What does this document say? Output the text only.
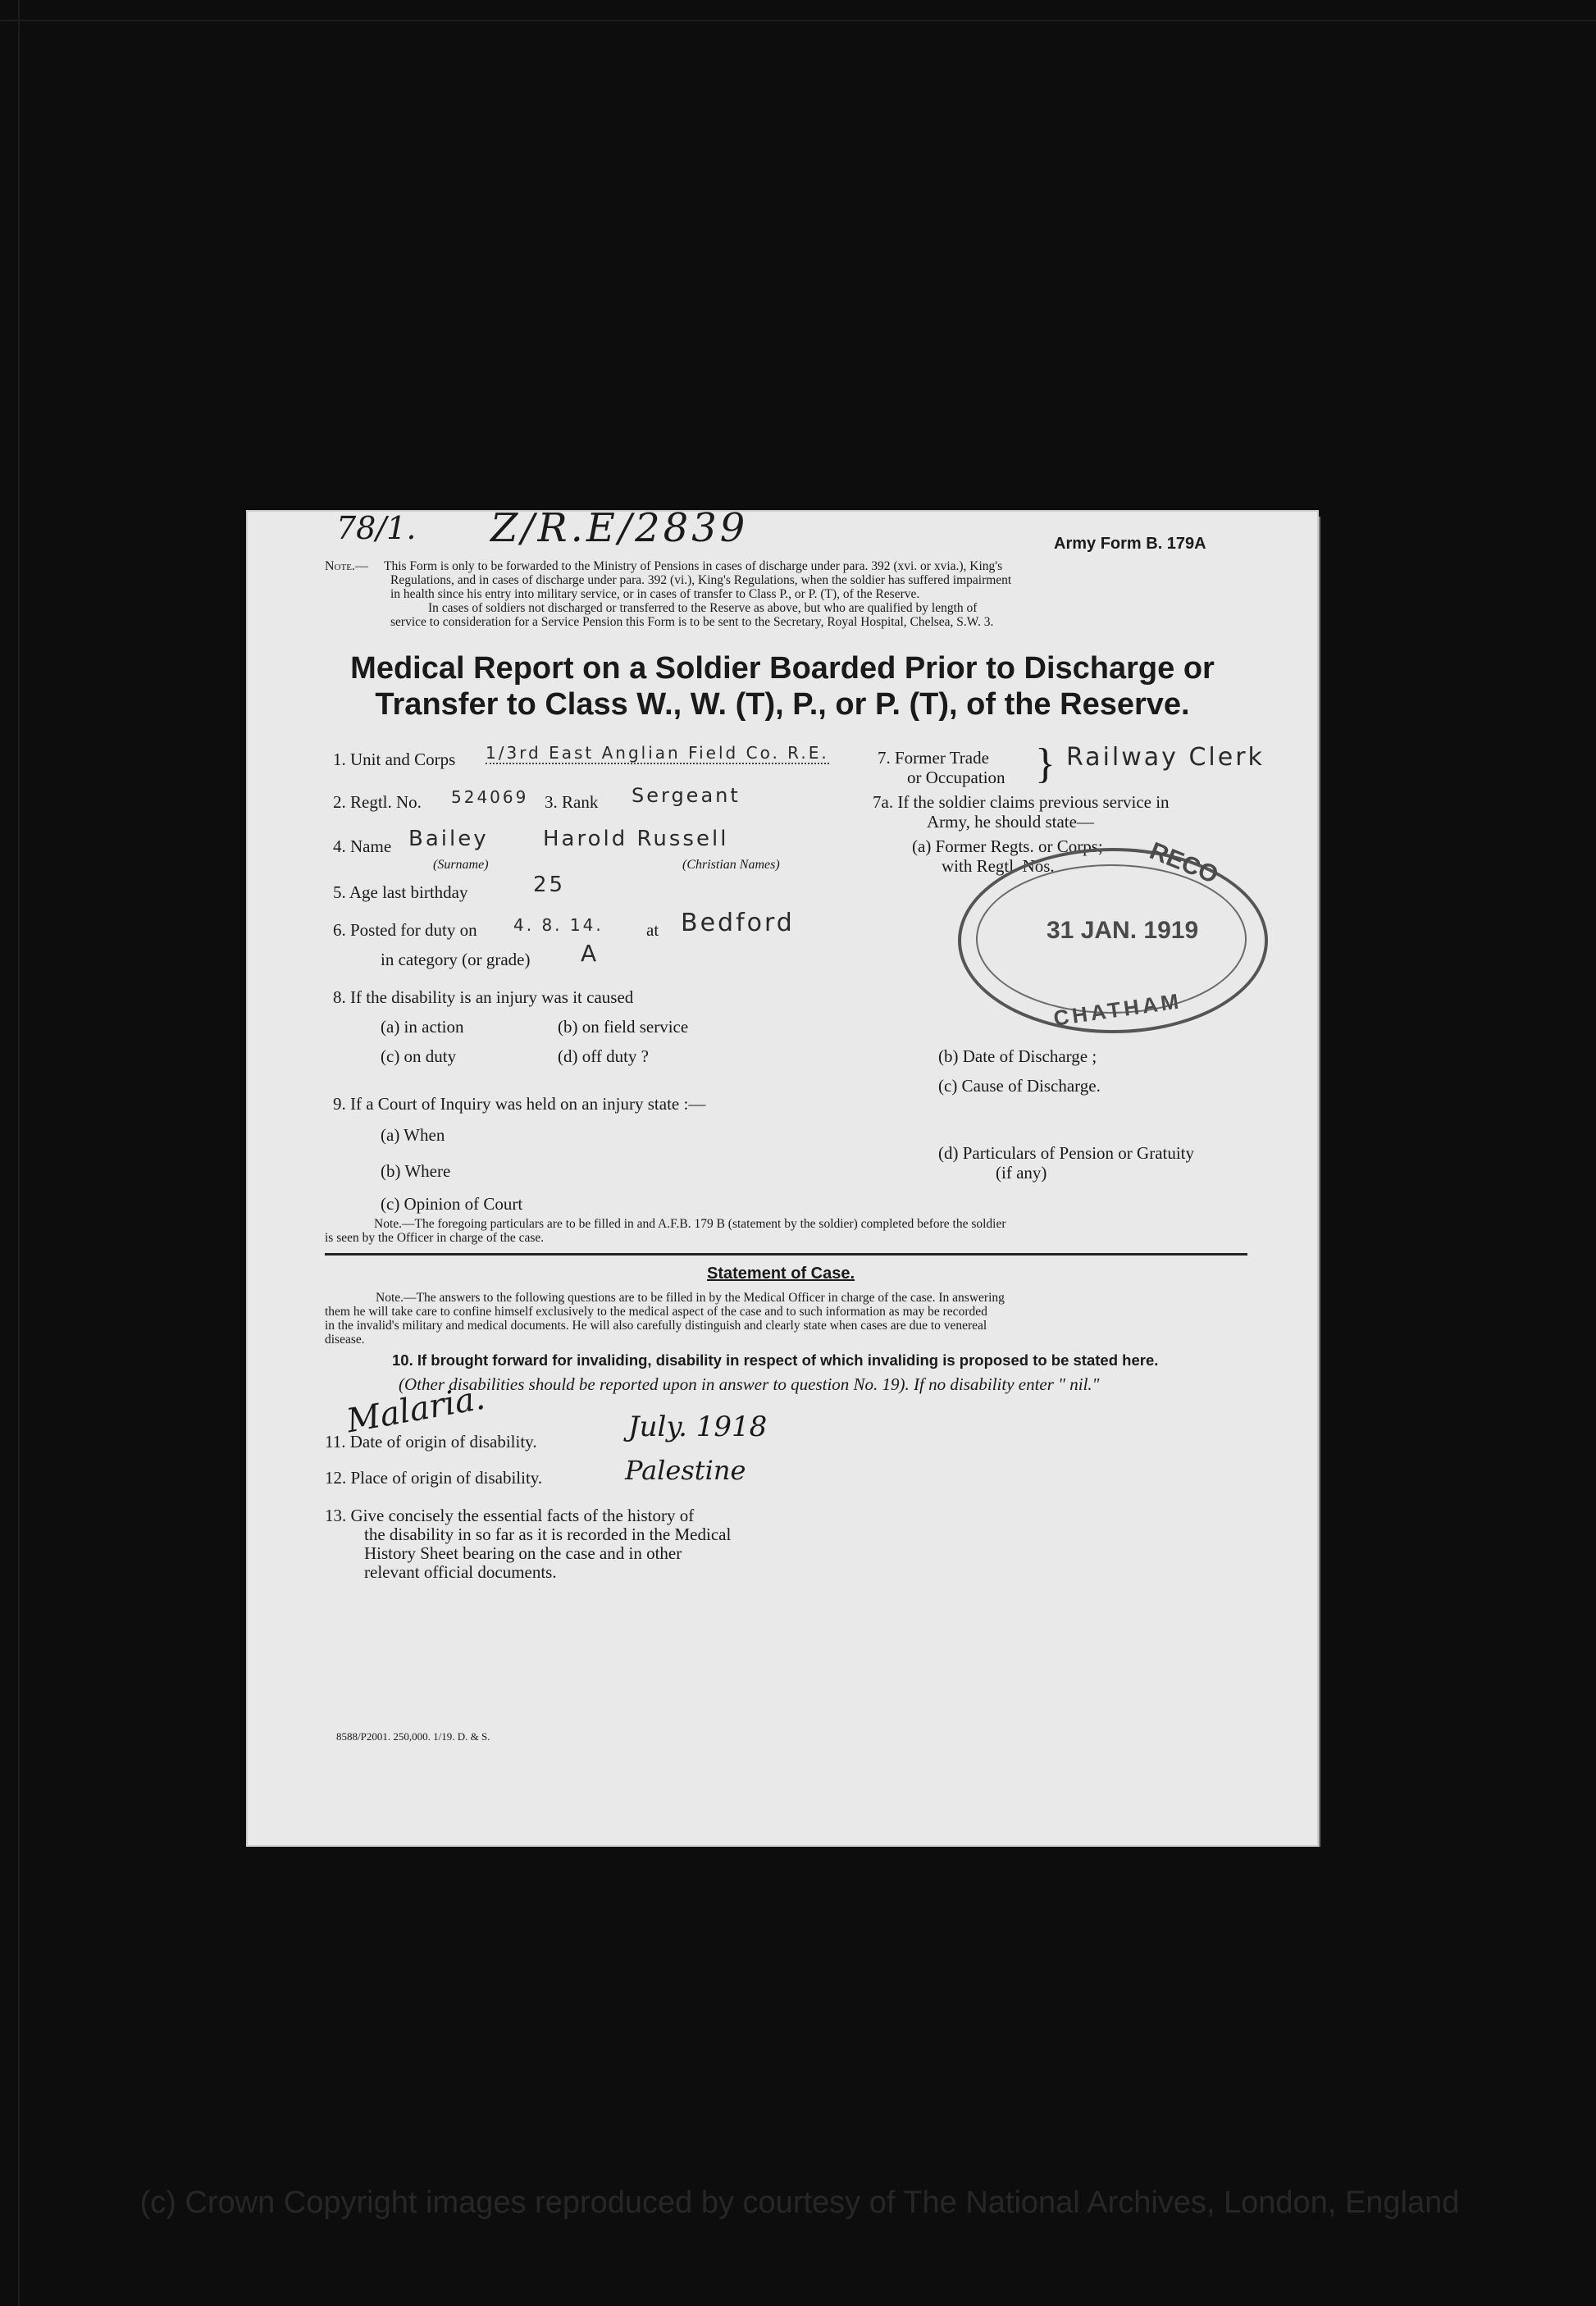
78/1. Z/R.E/2839	Army Form B. 179A
Note.— This Form is only to be forwarded to the Ministry of Pensions in cases of discharge under para. 392 (xvi. or xvia.), King's
Regulations, and in cases of discharge under para. 392 (vi.), King's Regulations, when the soldier has suffered impairment
in health since his entry into military service, or in cases of transfer to Class P., or P. (T), of the Reserve.
In cases of soldiers not discharged or transferred to the Reserve as above, but who are qualified by length of
service to consideration for a Service Pension this Form is to be sent to the Secretary, Royal Hospital, Chelsea, S.W. 3.
Medical Report on a Soldier Boarded Prior to Discharge or
Transfer to Class W., W. (T), P., or P. (T), of the Reserve.
1. Unit and Corps 1/3rd East Anglian Field Co. R.E.	7. Former Trade
or Occupation } Railway Clerk
2. Regtl. No. 524069 3. Rank Sergeant	7a. If the soldier claims previous service in
Army, he should state—
4. Name Bailey	Harold Russell
(Surname)	(Christian Names)
(a) Former Regts. or Corps;
with Regtl. Nos.
5. Age last birthday	25
6. Posted for duty on 4. 8. 14. at Bedford
in category (or grade) A
RECO
31 JAN. 1919
CHATHAM
8. If the disability is an injury was it caused
(a) in action	(b) on field service
(c) on duty	(d) off duty ?	(b) Date of Discharge ;
(c) Cause of Discharge.
9. If a Court of Inquiry was held on an injury state :—
(a) When
(b) Where
(c) Opinion of Court
(d) Particulars of Pension or Gratuity
(if any)
Note.—The foregoing particulars are to be filled in and A.F.B. 179 B (statement by the soldier) completed before the soldier
is seen by the Officer in charge of the case.
Statement of Case.
Note.—The answers to the following questions are to be filled in by the Medical Officer in charge of the case. In answering
them he will take care to confine himself exclusively to the medical aspect of the case and to such information as may be recorded
in the invalid's military and medical documents. He will also carefully distinguish and clearly state when cases are due to venereal
disease.
10. If brought forward for invaliding, disability in respect of which invaliding is proposed to be stated here.
(Other disabilities should be reported upon in answer to question No. 19). If no disability enter " nil."
Malaria.
11. Date of origin of disability.	July. 1918
12. Place of origin of disability.	Palestine
13. Give concisely the essential facts of the history of
the disability in so far as it is recorded in the Medical
History Sheet bearing on the case and in other
relevant official documents.
8588/P2001. 250,000. 1/19. D. & S.
(c) Crown Copyright images reproduced by courtesy of The National Archives, London, England
